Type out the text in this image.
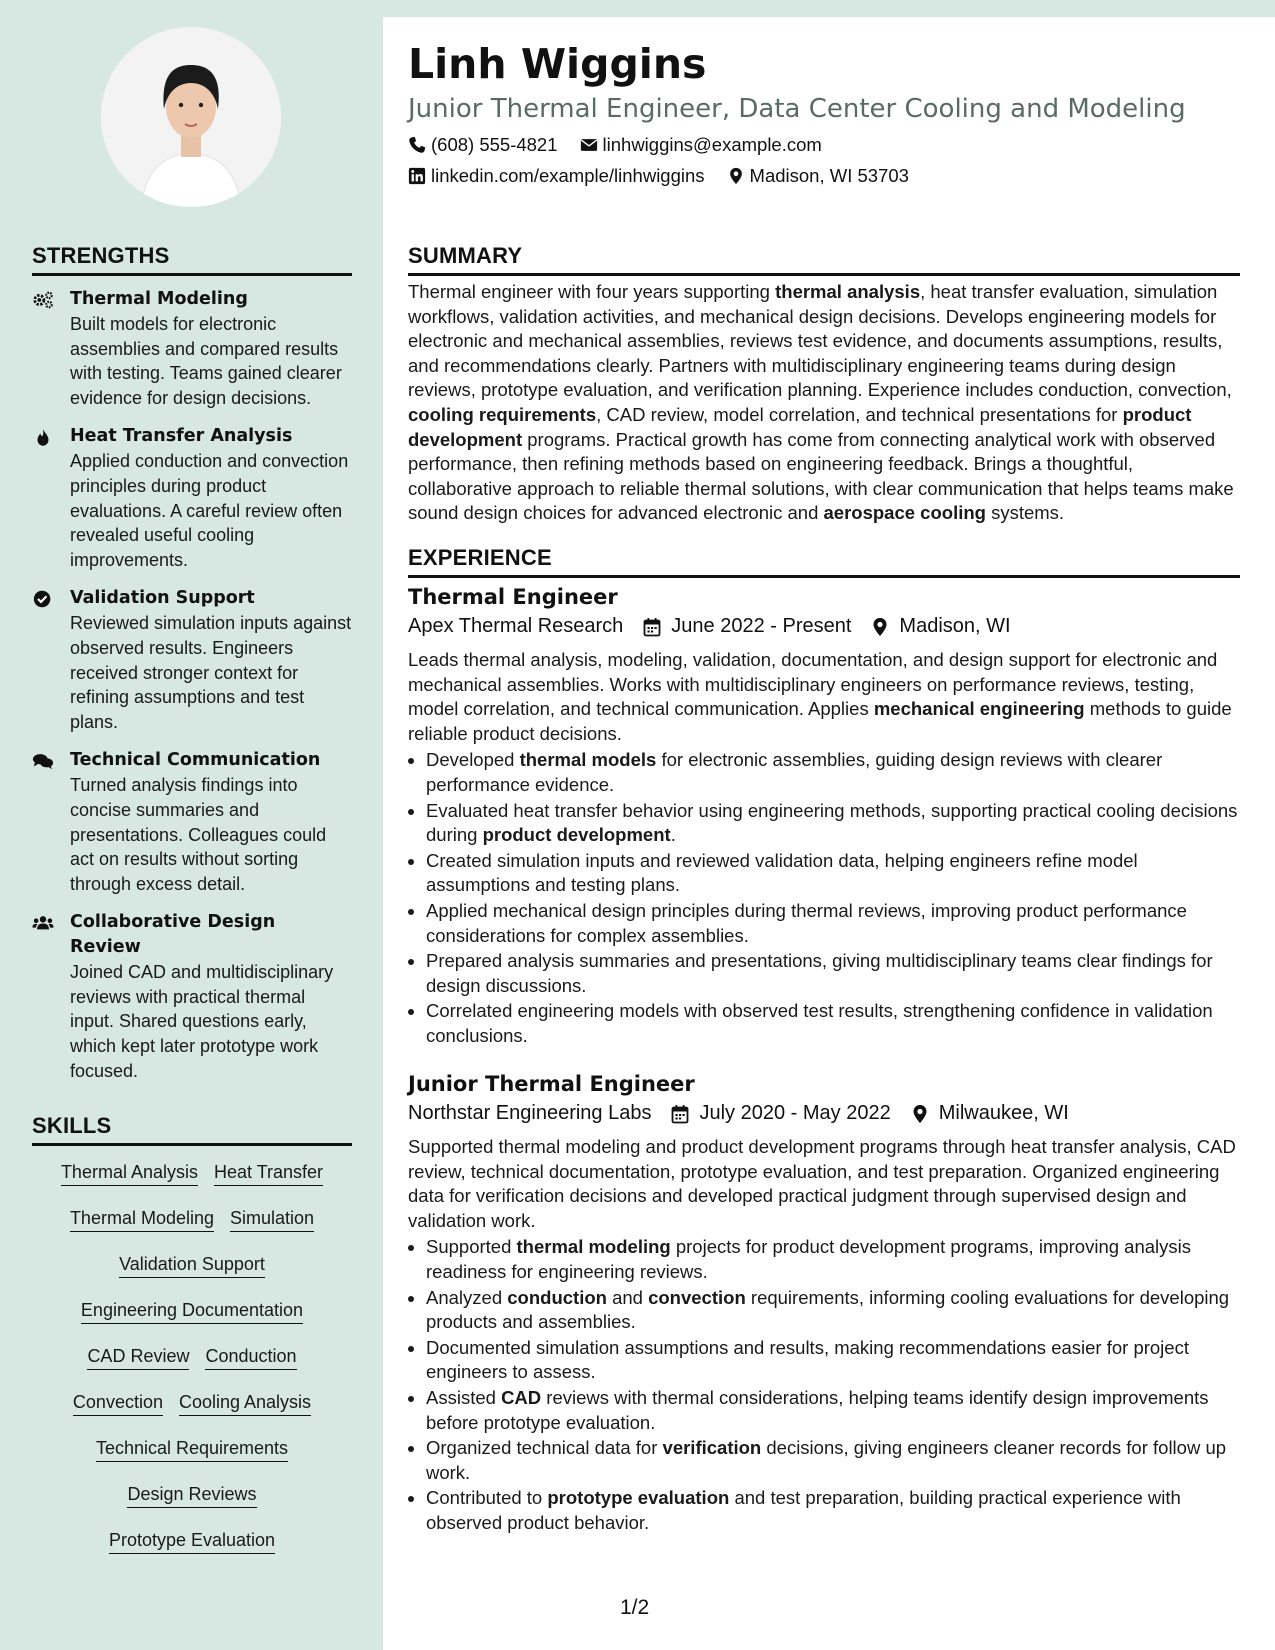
STRENGTHS
Thermal Modeling
Built models for electronic assemblies and compared results with testing. Teams gained clearer evidence for design decisions.
Heat Transfer Analysis
Applied conduction and convection principles during product evaluations. A careful review often revealed useful cooling improvements.
Validation Support
Reviewed simulation inputs against observed results. Engineers received stronger context for refining assumptions and test plans.
Technical Communication
Turned analysis findings into concise summaries and presentations. Colleagues could act on results without sorting through excess detail.
Collaborative Design Review
Joined CAD and multidisciplinary reviews with practical thermal input. Shared questions early, which kept later prototype work focused.
SKILLS
Thermal Analysis Heat Transfer
Thermal Modeling Simulation
Validation Support
Engineering Documentation
CAD Review Conduction
Convection Cooling Analysis
Technical Requirements
Design Reviews
Prototype Evaluation
Linh Wiggins
Junior Thermal Engineer, Data Center Cooling and Modeling
(608) 555-4821 linhwiggins@example.com
linkedin.com/example/linhwiggins Madison, WI 53703
SUMMARY
Thermal engineer with four years supporting thermal analysis, heat transfer evaluation, simulation workflows, validation activities, and mechanical design decisions. Develops engineering models for electronic and mechanical assemblies, reviews test evidence, and documents assumptions, results, and recommendations clearly. Partners with multidisciplinary engineering teams during design reviews, prototype evaluation, and verification planning. Experience includes conduction, convection, cooling requirements, CAD review, model correlation, and technical presentations for product development programs. Practical growth has come from connecting analytical work with observed performance, then refining methods based on engineering feedback. Brings a thoughtful, collaborative approach to reliable thermal solutions, with clear communication that helps teams make sound design choices for advanced electronic and aerospace cooling systems.
EXPERIENCE
Thermal Engineer
Apex Thermal Research June 2022 - Present Madison, WI
Leads thermal analysis, modeling, validation, documentation, and design support for electronic and mechanical assemblies. Works with multidisciplinary engineers on performance reviews, testing, model correlation, and technical communication. Applies mechanical engineering methods to guide reliable product decisions.
• Developed thermal models for electronic assemblies, guiding design reviews with clearer performance evidence.
• Evaluated heat transfer behavior using engineering methods, supporting practical cooling decisions during product development.
• Created simulation inputs and reviewed validation data, helping engineers refine model assumptions and testing plans.
• Applied mechanical design principles during thermal reviews, improving product performance considerations for complex assemblies.
• Prepared analysis summaries and presentations, giving multidisciplinary teams clear findings for design discussions.
• Correlated engineering models with observed test results, strengthening confidence in validation conclusions.
Junior Thermal Engineer
Northstar Engineering Labs July 2020 - May 2022 Milwaukee, WI
Supported thermal modeling and product development programs through heat transfer analysis, CAD review, technical documentation, prototype evaluation, and test preparation. Organized engineering data for verification decisions and developed practical judgment through supervised design and validation work.
• Supported thermal modeling projects for product development programs, improving analysis readiness for engineering reviews.
• Analyzed conduction and convection requirements, informing cooling evaluations for developing products and assemblies.
• Documented simulation assumptions and results, making recommendations easier for project engineers to assess.
• Assisted CAD reviews with thermal considerations, helping teams identify design improvements before prototype evaluation.
• Organized technical data for verification decisions, giving engineers cleaner records for follow up work.
• Contributed to prototype evaluation and test preparation, building practical experience with observed product behavior.
1/2
